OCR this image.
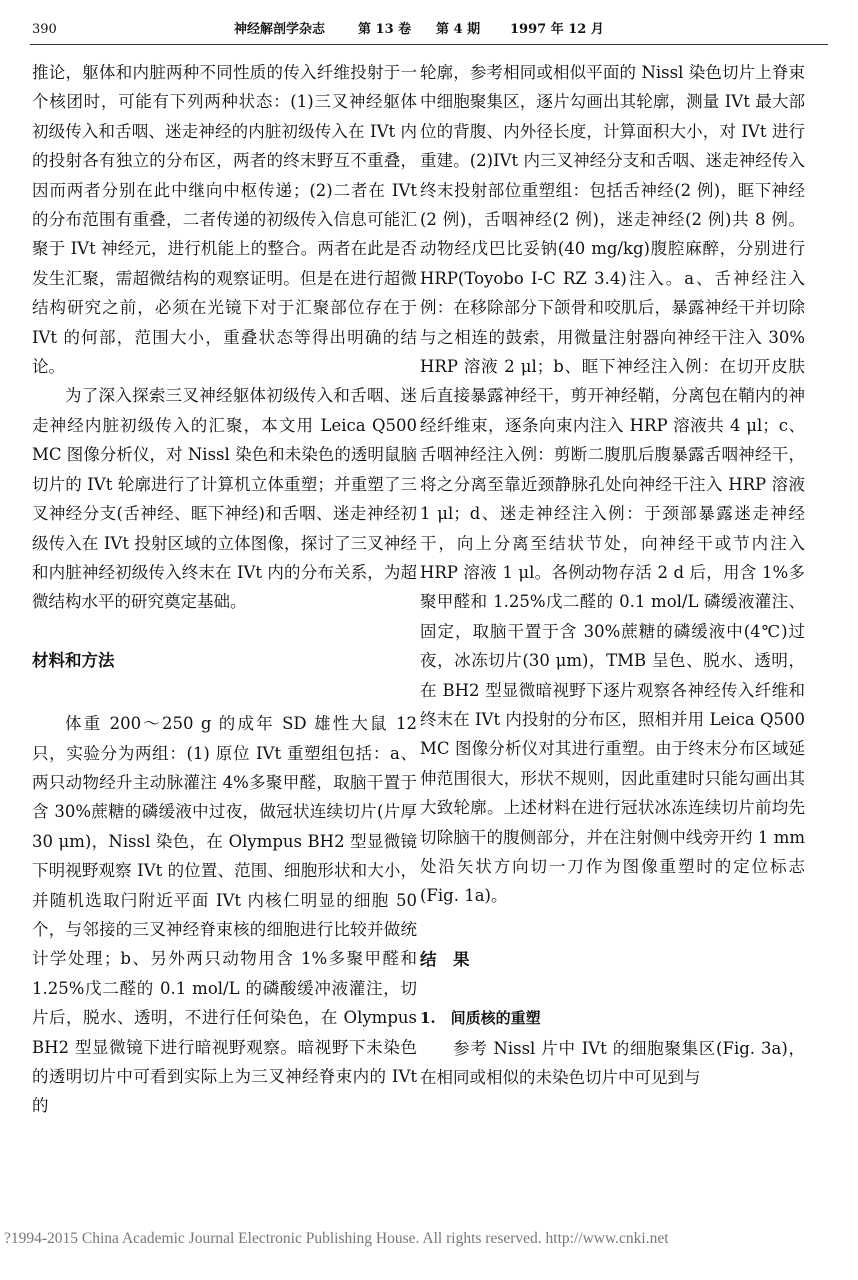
390	神经解剖学杂志	第 13 卷 第 4 期 1997 年 12 月

推论，躯体和内脏两种不同性质的传入纤维投射于一个核团时，可能有下列两种状态：(1)三叉神经躯体初级传入和舌咽、迷走神经的内脏初级传入在 IVt 内的投射各有独立的分布区，两者的终末野互不重叠，因而两者分别在此中继向中枢传递；(2)二者在 IVt 的分布范围有重叠，二者传递的初级传入信息可能汇聚于 IVt 神经元，进行机能上的整合。两者在此是否发生汇聚，需超微结构的观察证明。但是在进行超微结构研究之前，必须在光镜下对于汇聚部位存在于 IVt 的何部，范围大小，重叠状态等得出明确的结论。

为了深入探索三叉神经躯体初级传入和舌咽、迷走神经内脏初级传入的汇聚，本文用 Leica Q500 MC 图像分析仪，对 Nissl 染色和未染色的透明鼠脑切片的 IVt 轮廓进行了计算机立体重塑；并重塑了三叉神经分支(舌神经、眶下神经)和舌咽、迷走神经初级传入在 IVt 投射区域的立体图像，探讨了三叉神经和内脏神经初级传入终末在 IVt 内的分布关系，为超微结构水平的研究奠定基础。

材料和方法

体重 200～250 g 的成年 SD 雄性大鼠 12 只，实验分为两组：(1) 原位 IVt 重塑组包括：a、两只动物经升主动脉灌注 4%多聚甲醛，取脑干置于含 30%蔗糖的磷缓液中过夜，做冠状连续切片(片厚 30 μm)，Nissl 染色，在 Olympus BH2 型显微镜下明视野观察 IVt 的位置、范围、细胞形状和大小，并随机选取闩附近平面 IVt 内核仁明显的细胞 50 个，与邻接的三叉神经脊束核的细胞进行比较并做统计学处理；b、另外两只动物用含 1%多聚甲醛和 1.25%戊二醛的 0.1 mol/L 的磷酸缓冲液灌注，切片后，脱水、透明，不进行任何染色，在 Olympus BH2 型显微镜下进行暗视野观察。暗视野下未染色的透明切片中可看到实际上为三叉神经脊束内的 IVt 的

轮廓，参考相同或相似平面的 Nissl 染色切片上脊束中细胞聚集区，逐片勾画出其轮廓，测量 IVt 最大部位的背腹、内外径长度，计算面积大小，对 IVt 进行重建。(2)IVt 内三叉神经分支和舌咽、迷走神经传入终末投射部位重塑组：包括舌神经(2 例)，眶下神经(2 例)，舌咽神经(2 例)，迷走神经(2 例)共 8 例。动物经戊巴比妥钠(40 mg/kg)腹腔麻醉，分别进行 HRP(Toyobo I-C RZ 3.4)注入。a、舌神经注入例：在移除部分下颌骨和咬肌后，暴露神经干并切除与之相连的鼓索，用微量注射器向神经干注入 30% HRP 溶液 2 μl；b、眶下神经注入例：在切开皮肤后直接暴露神经干，剪开神经鞘，分离包在鞘内的神经纤维束，逐条向束内注入 HRP 溶液共 4 μl；c、舌咽神经注入例：剪断二腹肌后腹暴露舌咽神经干，将之分离至靠近颈静脉孔处向神经干注入 HRP 溶液 1 μl；d、迷走神经注入例：于颈部暴露迷走神经干，向上分离至结状节处，向神经干或节内注入 HRP 溶液 1 μl。各例动物存活 2 d 后，用含 1%多聚甲醛和 1.25%戊二醛的 0.1 mol/L 磷缓液灌注、固定，取脑干置于含 30%蔗糖的磷缓液中(4℃)过夜，冰冻切片(30 μm)，TMB 呈色、脱水、透明，在 BH2 型显微暗视野下逐片观察各神经传入纤维和终末在 IVt 内投射的分布区，照相并用 Leica Q500 MC 图像分析仪对其进行重塑。由于终末分布区域延伸范围很大，形状不规则，因此重建时只能勾画出其大致轮廓。上述材料在进行冠状冰冻连续切片前均先切除脑干的腹侧部分，并在注射侧中线旁开约 1 mm 处沿矢状方向切一刀作为图像重塑时的定位标志(Fig. 1a)。

结　果

1.　间质核的重塑

参考 Nissl 片中 IVt 的细胞聚集区(Fig. 3a)，在相同或相似的未染色切片中可见到与

?1994-2015 China Academic Journal Electronic Publishing House. All rights reserved. http://www.cnki.net
